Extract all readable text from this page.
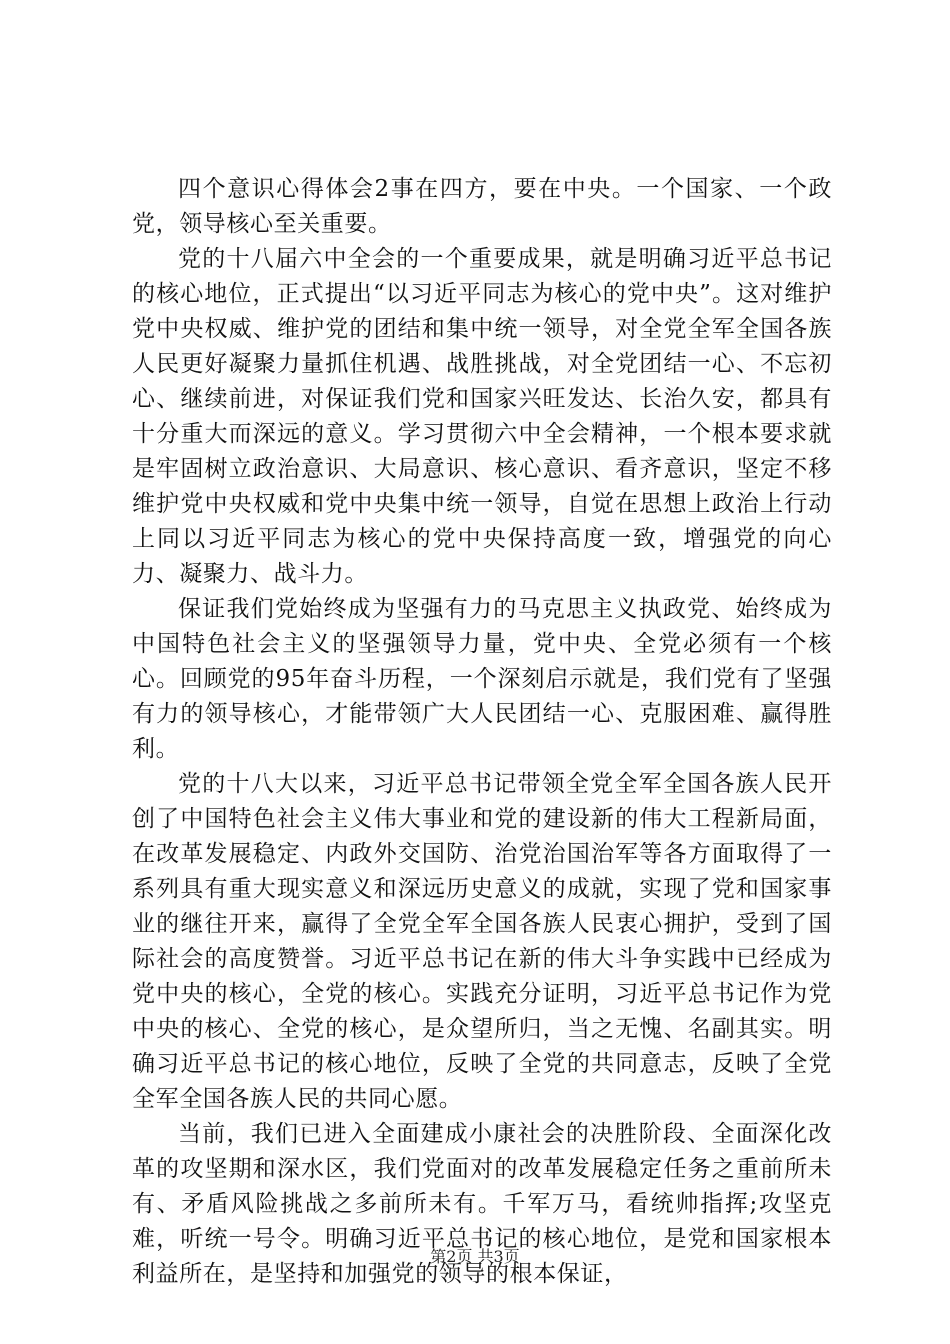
四个意识心得体会2事在四方，要在中央。一个国家、一个政党，领导核心至关重要。

党的十八届六中全会的一个重要成果，就是明确习近平总书记的核心地位，正式提出“以习近平同志为核心的党中央”。这对维护党中央权威、维护党的团结和集中统一领导，对全党全军全国各族人民更好凝聚力量抓住机遇、战胜挑战，对全党团结一心、不忘初心、继续前进，对保证我们党和国家兴旺发达、长治久安，都具有十分重大而深远的意义。学习贯彻六中全会精神，一个根本要求就是牢固树立政治意识、大局意识、核心意识、看齐意识，坚定不移维护党中央权威和党中央集中统一领导，自觉在思想上政治上行动上同以习近平同志为核心的党中央保持高度一致，增强党的向心力、凝聚力、战斗力。

保证我们党始终成为坚强有力的马克思主义执政党、始终成为中国特色社会主义的坚强领导力量，党中央、全党必须有一个核心。回顾党的95年奋斗历程，一个深刻启示就是，我们党有了坚强有力的领导核心，才能带领广大人民团结一心、克服困难、赢得胜利。

党的十八大以来，习近平总书记带领全党全军全国各族人民开创了中国特色社会主义伟大事业和党的建设新的伟大工程新局面，在改革发展稳定、内政外交国防、治党治国治军等各方面取得了一系列具有重大现实意义和深远历史意义的成就，实现了党和国家事业的继往开来，赢得了全党全军全国各族人民衷心拥护，受到了国际社会的高度赞誉。习近平总书记在新的伟大斗争实践中已经成为党中央的核心，全党的核心。实践充分证明，习近平总书记作为党中央的核心、全党的核心，是众望所归，当之无愧、名副其实。明确习近平总书记的核心地位，反映了全党的共同意志，反映了全党全军全国各族人民的共同心愿。

当前，我们已进入全面建成小康社会的决胜阶段、全面深化改革的攻坚期和深水区，我们党面对的改革发展稳定任务之重前所未有、矛盾风险挑战之多前所未有。千军万马，看统帅指挥;攻坚克难，听统一号令。明确习近平总书记的核心地位，是党和国家根本利益所在，是坚持和加强党的领导的根本保证，

第2页 共3页
